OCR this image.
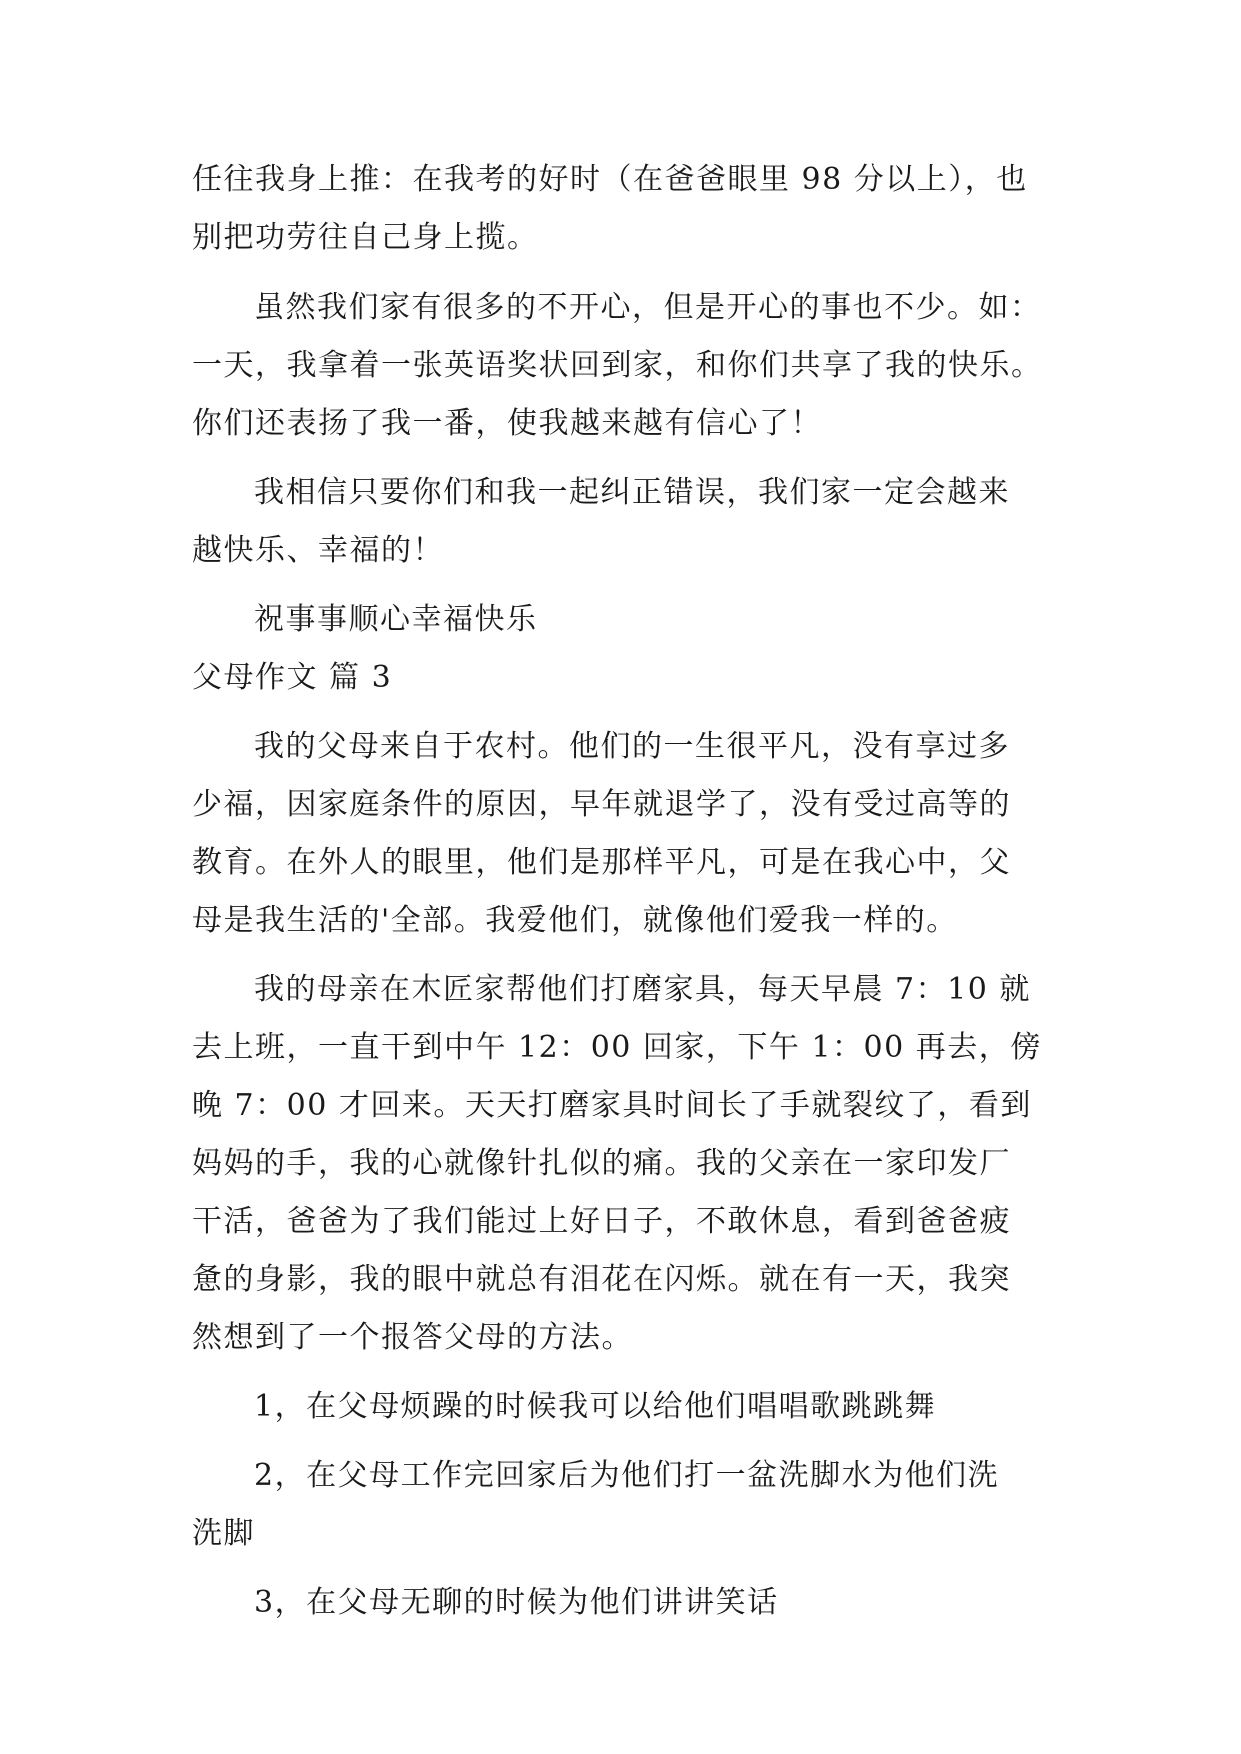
任往我身上推：在我考的好时（在爸爸眼里 98 分以上），也
别把功劳往自己身上揽。
虽然我们家有很多的不开心，但是开心的事也不少。如：
一天，我拿着一张英语奖状回到家，和你们共享了我的快乐。
你们还表扬了我一番，使我越来越有信心了！
我相信只要你们和我一起纠正错误，我们家一定会越来
越快乐、幸福的！
祝事事顺心幸福快乐
父母作文 篇 3
我的父母来自于农村。他们的一生很平凡，没有享过多
少福，因家庭条件的原因，早年就退学了，没有受过高等的
教育。在外人的眼里，他们是那样平凡，可是在我心中，父
母是我生活的'全部。我爱他们，就像他们爱我一样的。
我的母亲在木匠家帮他们打磨家具，每天早晨 7：10 就
去上班，一直干到中午 12：00 回家，下午 1：00 再去，傍
晚 7：00 才回来。天天打磨家具时间长了手就裂纹了，看到
妈妈的手，我的心就像针扎似的痛。我的父亲在一家印发厂
干活，爸爸为了我们能过上好日子，不敢休息，看到爸爸疲
惫的身影，我的眼中就总有泪花在闪烁。就在有一天，我突
然想到了一个报答父母的方法。
1，在父母烦躁的时候我可以给他们唱唱歌跳跳舞
2，在父母工作完回家后为他们打一盆洗脚水为他们洗
洗脚
3，在父母无聊的时候为他们讲讲笑话
